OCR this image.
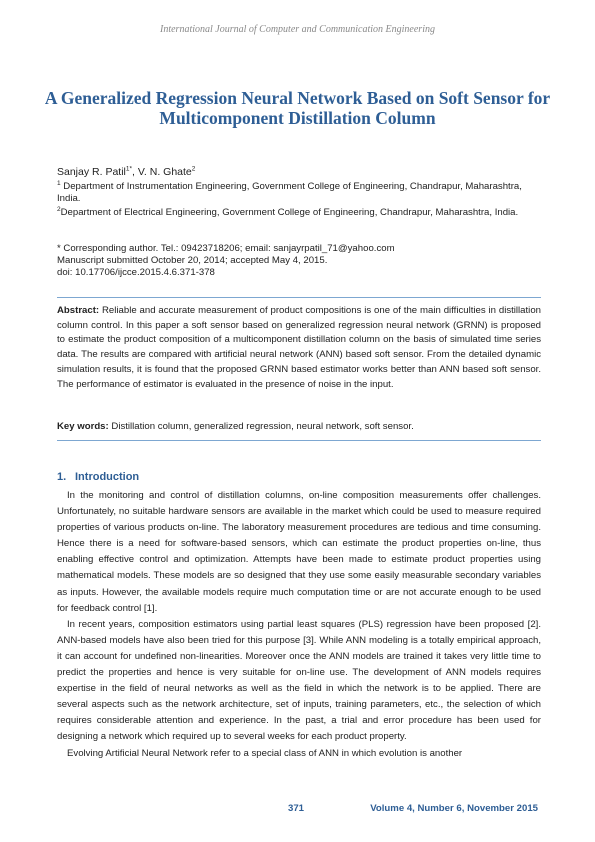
International Journal of Computer and Communication Engineering
A Generalized Regression Neural Network Based on Soft Sensor for Multicomponent Distillation Column
Sanjay R. Patil$^{1*}$, V. N. Ghate$^2$

$^1$ Department of Instrumentation Engineering, Government College of Engineering, Chandrapur, Maharashtra, India.

$^2$Department of Electrical Engineering, Government College of Engineering, Chandrapur, Maharashtra, India.

* Corresponding author. Tel.: 09423718206; email: sanjayrpatil_71@yahoo.com

Manuscript submitted October 20, 2014; accepted May 4, 2015.

doi: 10.17706/ijcce.2015.4.6.371-378

Abstract: Reliable and accurate measurement of product compositions is one of the main difficulties in distillation column control. In this paper a soft sensor based on generalized regression neural network (GRNN) is proposed to estimate the product composition of a multicomponent distillation column on the basis of simulated time series data. The results are compared with artificial neural network (ANN) based soft sensor. From the detailed dynamic simulation results, it is found that the proposed GRNN based estimator works better than ANN based soft sensor. The performance of estimator is evaluated in the presence of noise in the input.
Key words: Distillation column, generalized regression, neural network, soft sensor.
1. Introduction

In the monitoring and control of distillation columns, on-line composition measurements offer challenges. Unfortunately, no suitable hardware sensors are available in the market which could be used to measure required properties of various products on-line. The laboratory measurement procedures are tedious and time consuming. Hence there is a need for software-based sensors, which can estimate the product properties on-line, thus enabling effective control and optimization. Attempts have been made to estimate product properties using mathematical models. These models are so designed that they use some easily measurable secondary variables as inputs. However, the available models require much computation time or are not accurate enough to be used for feedback control [1].

In recent years, composition estimators using partial least squares (PLS) regression have been proposed [2]. ANN-based models have also been tried for this purpose [3]. While ANN modeling is a totally empirical approach, it can account for undefined non-linearities. Moreover once the ANN models are trained it takes very little time to predict the properties and hence is very suitable for on-line use. The development of ANN models requires expertise in the field of neural networks as well as the field in which the network is to be applied. There are several aspects such as the network architecture, set of inputs, training parameters, etc., the selection of which requires considerable attention and experience. In the past, a trial and error procedure has been used for designing a network which required up to several weeks for each product property.

Evolving Artificial Neural Network refer to a special class of ANN in which evolution is another

371	Volume 4, Number 6, November 2015
